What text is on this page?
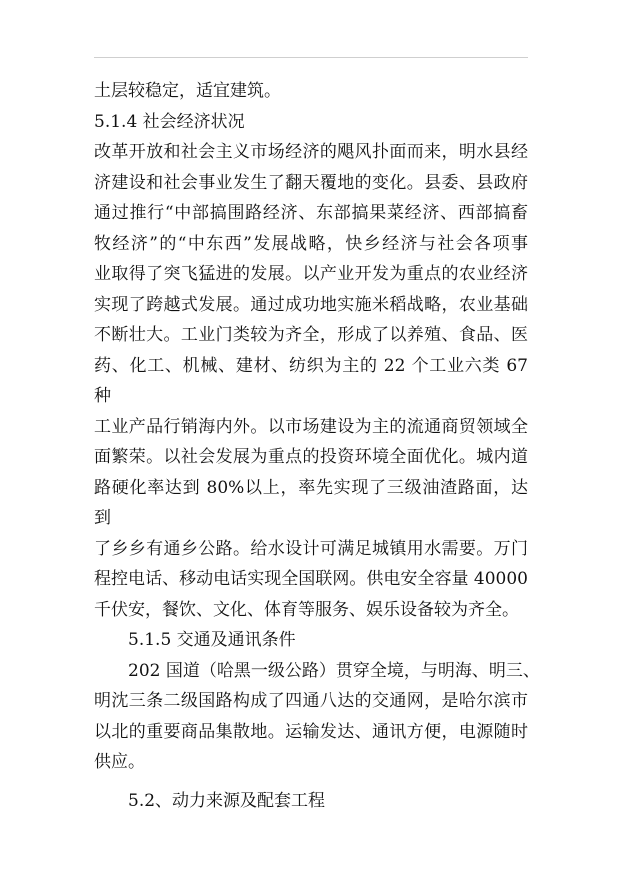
土层较稳定，适宜建筑。

5.1.4 社会经济状况

改革开放和社会主义市场经济的飓风扑面而来，明水县经

济建设和社会事业发生了翻天覆地的变化。县委、县政府

通过推行“中部搞围路经济、东部搞果菜经济、西部搞畜

牧经济”的“中东西”发展战略，快乡经济与社会各项事

业取得了突飞猛进的发展。以产业开发为重点的农业经济

实现了跨越式发展。通过成功地实施米稻战略，农业基础

不断壮大。工业门类较为齐全，形成了以养殖、食品、医

药、化工、机械、建材、纺织为主的 22 个工业六类 67 种

工业产品行销海内外。以市场建设为主的流通商贸领域全

面繁荣。以社会发展为重点的投资环境全面优化。城内道

路硬化率达到 80%以上，率先实现了三级油渣路面，达到

了乡乡有通乡公路。给水设计可满足城镇用水需要。万门

程控电话、移动电话实现全国联网。供电安全容量 40000

千伏安，餐饮、文化、体育等服务、娱乐设备较为齐全。

5.1.5 交通及通讯条件

202 国道（哈黑一级公路）贯穿全境，与明海、明三、

明沈三条二级国路构成了四通八达的交通网，是哈尔滨市

以北的重要商品集散地。运输发达、通讯方便，电源随时

供应。

5.2、动力来源及配套工程
